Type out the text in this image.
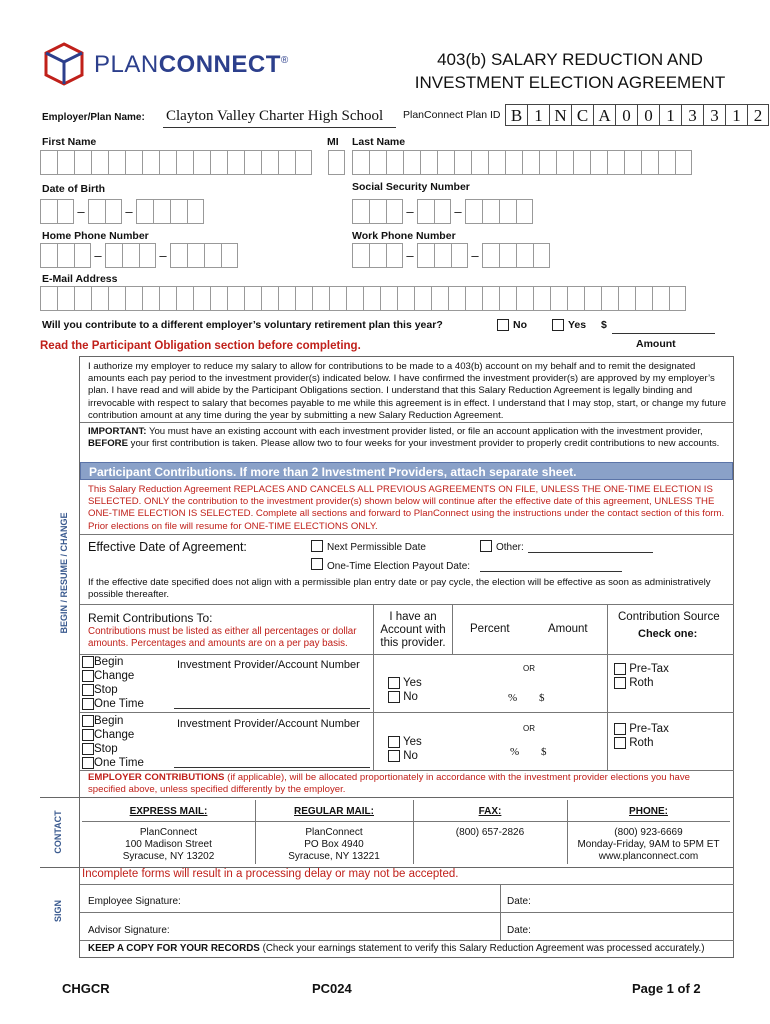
PLANCONNECT®	403(b) SALARY REDUCTION AND
INVESTMENT ELECTION AGREEMENT
Employer/Plan Name: Clayton Valley Charter High School PlanConnect Plan ID B 1 N C A 0 0 1 3 3 1 2
First Name	MI Last Name
Date of Birth	Social Security Number
–	–	–	–
Home Phone Number	Work Phone Number
–	–	–	–
E-Mail Address
Will you contribute to a different employer’s voluntary retirement plan this year?	No	Yes $
Amount
Read the Participant Obligation section before completing.
BEGIN / RESUME / CHANGE
CONTACT
SIGN
I authorize my employer to reduce my salary to allow for contributions to be made to a 403(b) account on my behalf and to remit the designated amounts each pay period to the investment provider(s) indicated below. I have confirmed the investment provider(s) are approved by my employer’s plan. I have read and will abide by the Participant Obligations section. I understand that this Salary Reduction Agreement is legally binding and irrevocable with respect to salary that becomes payable to me while this agreement is in effect. I understand that I may stop, start, or change my future contribution amount at any time during the year by submitting a new Salary Reduction Agreement.
IMPORTANT: You must have an existing account with each investment provider listed, or file an account application with the investment provider, BEFORE your first contribution is taken. Please allow two to four weeks for your investment provider to properly credit contributions to new accounts.
Participant Contributions. If more than 2 Investment Providers, attach separate sheet.
This Salary Reduction Agreement REPLACES AND CANCELS ALL PREVIOUS AGREEMENTS ON FILE, UNLESS THE ONE-TIME ELECTION IS SELECTED. ONLY the contribution to the investment provider(s) shown below will continue after the effective date of this agreement, UNLESS THE ONE-TIME ELECTION IS SELECTED. Complete all sections and forward to PlanConnect using the instructions under the contact section of this form. Prior elections on file will resume for ONE-TIME ELECTIONS ONLY.
Effective Date of Agreement:	Next Permissible Date	Other:
One-Time Election Payout Date:
If the effective date specified does not align with a permissible plan entry date or pay cycle, the election will be effective as soon as administratively possible thereafter.
Remit Contributions To:
Contributions must be listed as either all percentages or dollar amounts. Percentages and amounts are on a per pay basis.
I have an Account with this provider.
Percent	Amount
Contribution Source
Check one:
Begin
Change
Stop
One Time
Investment Provider/Account Number
Yes
No
OR
% $
Pre-Tax
Roth
Begin
Change
Stop
One Time
Investment Provider/Account Number
Yes
No
OR
% $
Pre-Tax
Roth
EMPLOYER CONTRIBUTIONS (if applicable), will be allocated proportionately in accordance with the investment provider elections you have specified above, unless specified differently by the employer.
EXPRESS MAIL:
PlanConnect
100 Madison Street
Syracuse, NY 13202
REGULAR MAIL:
PlanConnect
PO Box 4940
Syracuse, NY 13221
FAX:
(800) 657-2826
PHONE:
(800) 923-6669
Monday-Friday, 9AM to 5PM ET
www.planconnect.com
Incomplete forms will result in a processing delay or may not be accepted.
Employee Signature:	Date:
Advisor Signature:	Date:
KEEP A COPY FOR YOUR RECORDS (Check your earnings statement to verify this Salary Reduction Agreement was processed accurately.)
CHGCR	PC024	Page 1 of 2
